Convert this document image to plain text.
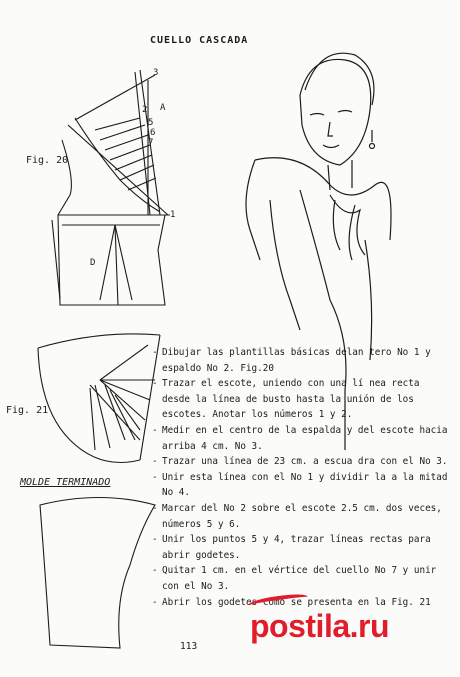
CUELLO CASCADA
Fig. 20
Fig. 21
3
2 A
5
6
7
1
D
MOLDE TERMINADO
- Dibujar las plantillas básicas delan tero No 1 y espaldo No 2. Fig.20
- Trazar el escote, uniendo con una lí nea recta desde la línea de busto hasta la unión de los escotes. Anotar los números 1 y 2.
- Medir en el centro de la espalda y del escote hacia arriba 4 cm. No 3.
- Trazar una línea de 23 cm. a escua dra con el No 3.
- Unir esta línea con el No 1 y dividir la a la mitad No 4.
- Marcar del No 2 sobre el escote 2.5 cm. dos veces, números 5 y 6.
- Unir los puntos 5 y 4, trazar líneas rectas para abrir godetes.
- Quitar 1 cm. en el vértice del cuello No 7 y unir con el No 3.
- Abrir los godetes como se presenta en la Fig. 21
113
postila.ru
